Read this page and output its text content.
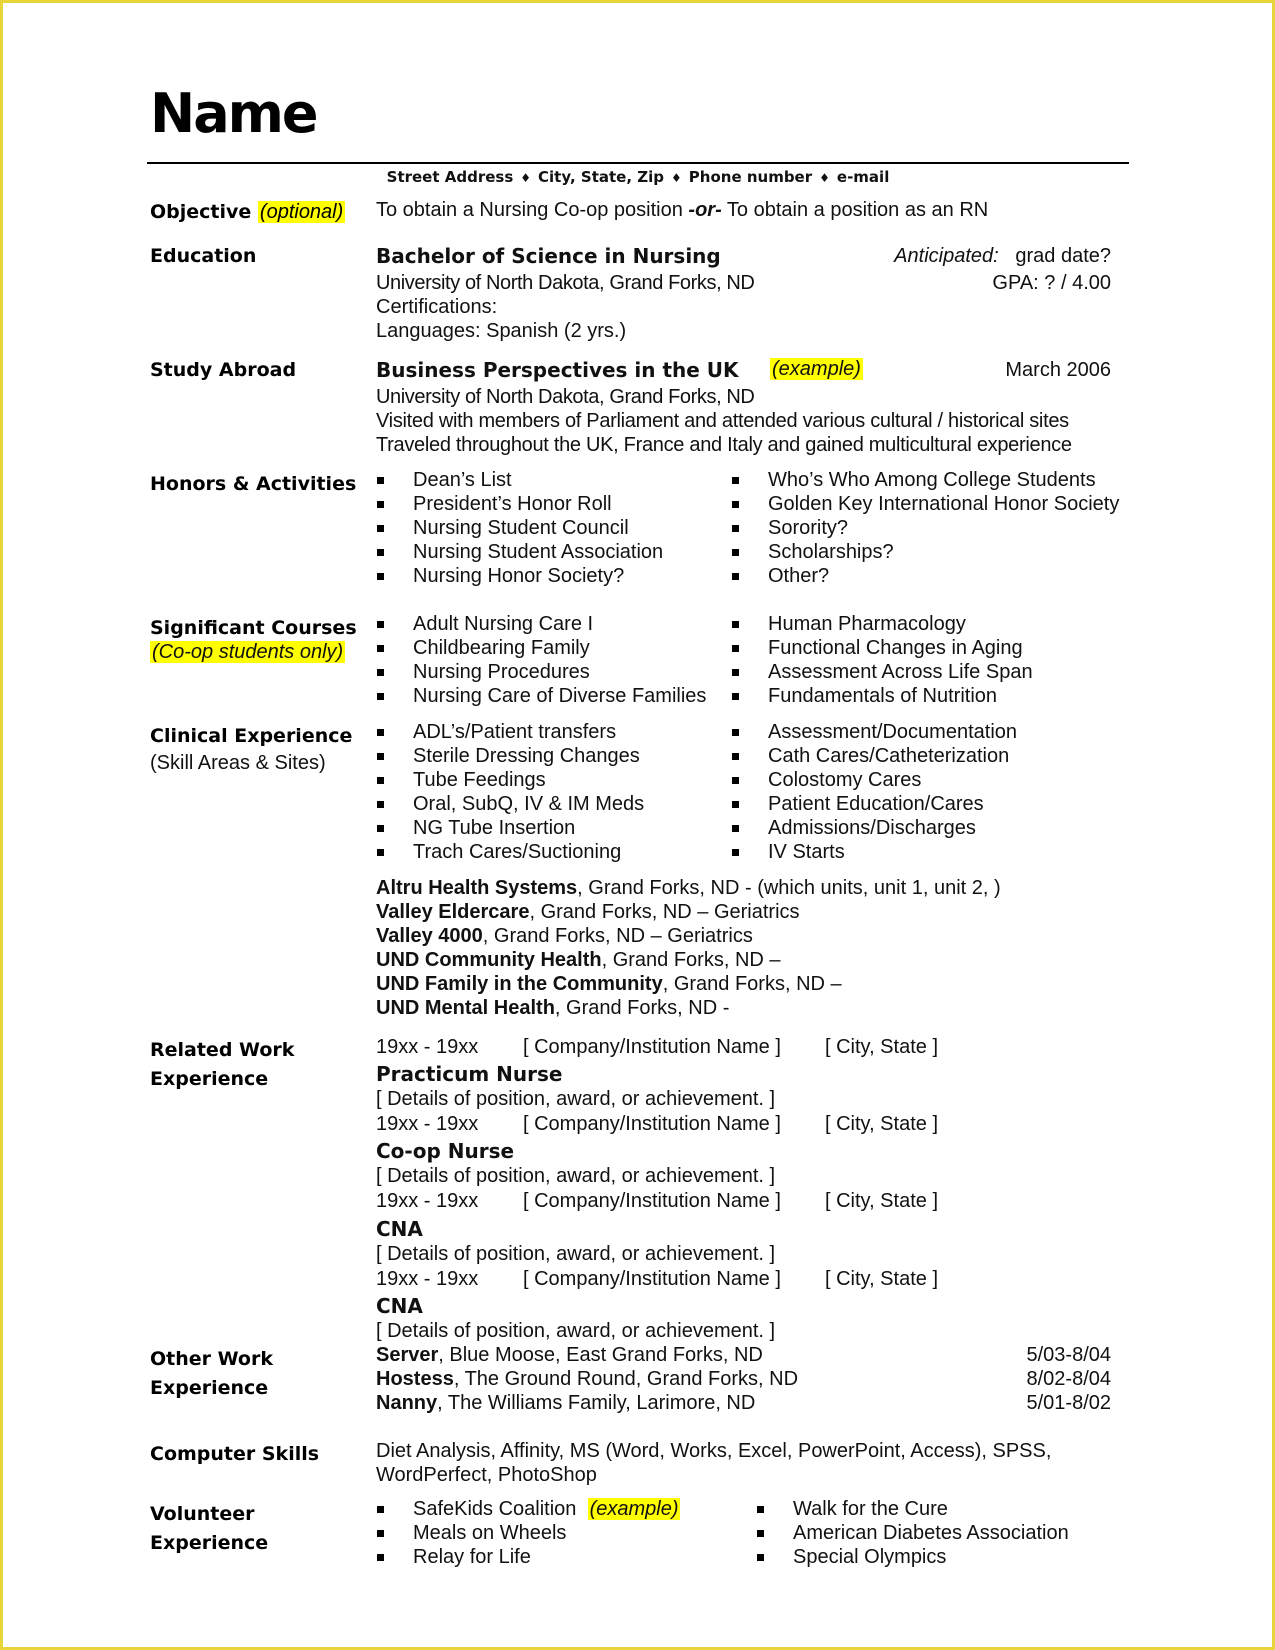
Name
Street Address ♦ City, State, Zip ♦ Phone number ♦ e-mail
Objective (optional) To obtain a Nursing Co-op position -or- To obtain a position as an RN
Education	Bachelor of Science in Nursing	Anticipated: grad date?
University of North Dakota, Grand Forks, ND	GPA: ? / 4.00
Certifications:
Languages: Spanish (2 yrs.)
Study Abroad	Business Perspectives in the UK (example)	March 2006
University of North Dakota, Grand Forks, ND
Visited with members of Parliament and attended various cultural / historical sites
Traveled throughout the UK, France and Italy and gained multicultural experience
Honors & Activities	Dean’s List
President’s Honor Roll
Nursing Student Council
Nursing Student Association
Nursing Honor Society?
Who’s Who Among College Students
Golden Key International Honor Society
Sorority?
Scholarships?
Other?
Significant Courses
(Co-op students only)
Adult Nursing Care I
Childbearing Family
Nursing Procedures
Nursing Care of Diverse Families
Human Pharmacology
Functional Changes in Aging
Assessment Across Life Span
Fundamentals of Nutrition
Clinical Experience
(Skill Areas & Sites)
ADL’s/Patient transfers
Sterile Dressing Changes
Tube Feedings
Oral, SubQ, IV & IM Meds
NG Tube Insertion
Trach Cares/Suctioning
Assessment/Documentation
Cath Cares/Catheterization
Colostomy Cares
Patient Education/Cares
Admissions/Discharges
IV Starts
Altru Health Systems, Grand Forks, ND - (which units, unit 1, unit 2, )
Valley Eldercare, Grand Forks, ND – Geriatrics
Valley 4000, Grand Forks, ND – Geriatrics
UND Community Health, Grand Forks, ND –
UND Family in the Community, Grand Forks, ND –
UND Mental Health, Grand Forks, ND -
Related Work
Experience
19xx - 19xx [ Company/Institution Name ] [ City, State ]
Practicum Nurse
[ Details of position, award, or achievement. ]
19xx - 19xx [ Company/Institution Name ] [ City, State ]
Co-op Nurse
[ Details of position, award, or achievement. ]
19xx - 19xx [ Company/Institution Name ] [ City, State ]
CNA
[ Details of position, award, or achievement. ]
19xx - 19xx [ Company/Institution Name ] [ City, State ]
CNA
[ Details of position, award, or achievement. ]
Other Work
Experience
Server, Blue Moose, East Grand Forks, ND	5/03-8/04
Hostess, The Ground Round, Grand Forks, ND	8/02-8/04
Nanny, The Williams Family, Larimore, ND	5/01-8/02
Computer Skills	Diet Analysis, Affinity, MS (Word, Works, Excel, PowerPoint, Access), SPSS,
WordPerfect, PhotoShop
Volunteer
Experience
SafeKids Coalition (example)
Meals on Wheels
Relay for Life
Walk for the Cure
American Diabetes Association
Special Olympics
